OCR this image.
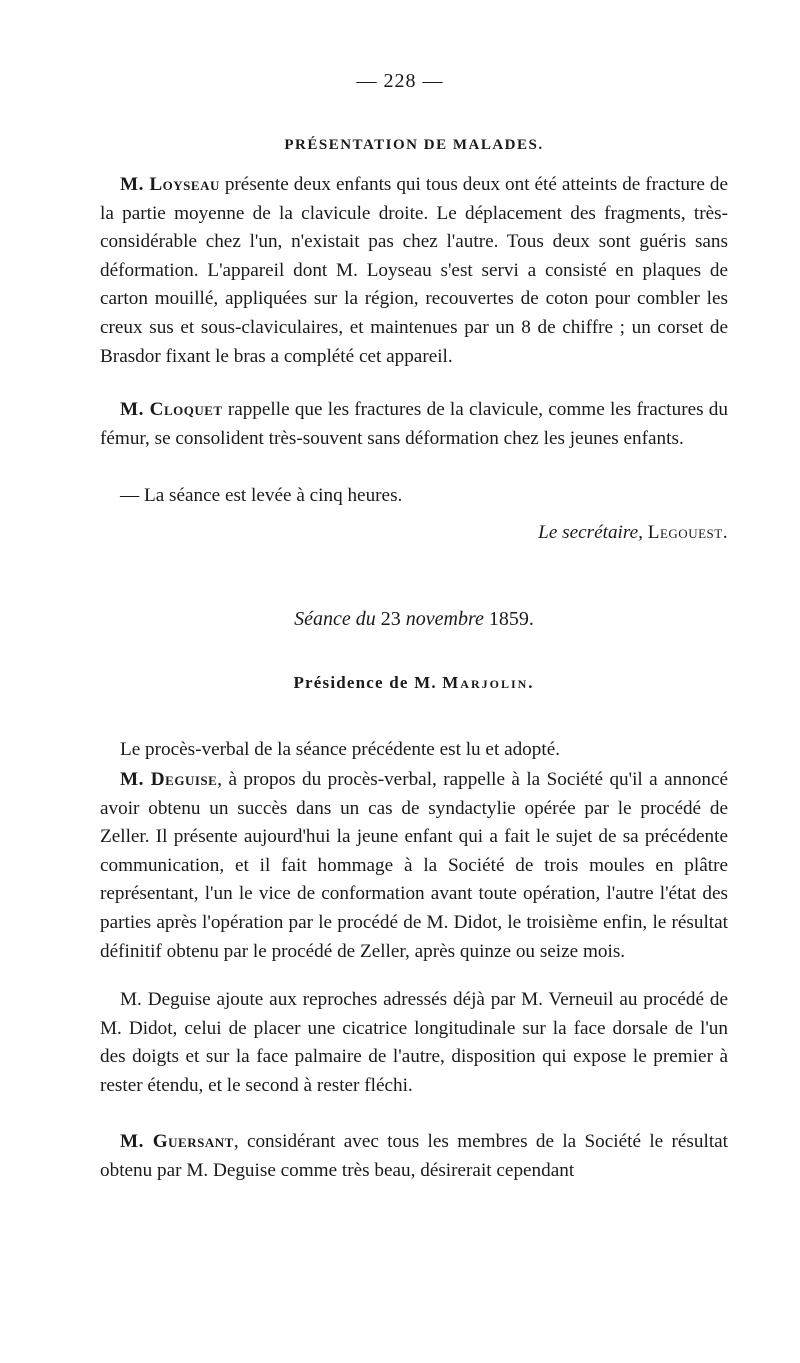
— 228 —
PRÉSENTATION DE MALADES.

M. Loyseau présente deux enfants qui tous deux ont été atteints de fracture de la partie moyenne de la clavicule droite. Le déplacement des fragments, très-considérable chez l'un, n'existait pas chez l'autre. Tous deux sont guéris sans déformation. L'appareil dont M. Loyseau s'est servi a consisté en plaques de carton mouillé, appliquées sur la région, recouvertes de coton pour combler les creux sus et sous-claviculaires, et maintenues par un 8 de chiffre ; un corset de Brasdor fixant le bras a complété cet appareil.

M. Cloquet rappelle que les fractures de la clavicule, comme les fractures du fémur, se consolident très-souvent sans déformation chez les jeunes enfants.

— La séance est levée à cinq heures.

Le secrétaire, Legouest.
Séance du 23 novembre 1859.
Présidence de M. Marjolin.

Le procès-verbal de la séance précédente est lu et adopté.

M. Deguise, à propos du procès-verbal, rappelle à la Société qu'il a annoncé avoir obtenu un succès dans un cas de syndactylie opérée par le procédé de Zeller. Il présente aujourd'hui la jeune enfant qui a fait le sujet de sa précédente communication, et il fait hommage à la Société de trois moules en plâtre représentant, l'un le vice de conformation avant toute opération, l'autre l'état des parties après l'opération par le procédé de M. Didot, le troisième enfin, le résultat définitif obtenu par le procédé de Zeller, après quinze ou seize mois.

M. Deguise ajoute aux reproches adressés déjà par M. Verneuil au procédé de M. Didot, celui de placer une cicatrice longitudinale sur la face dorsale de l'un des doigts et sur la face palmaire de l'autre, disposition qui expose le premier à rester étendu, et le second à rester fléchi.

M. Guersant, considérant avec tous les membres de la Société le résultat obtenu par M. Deguise comme très beau, désirerait cependant
